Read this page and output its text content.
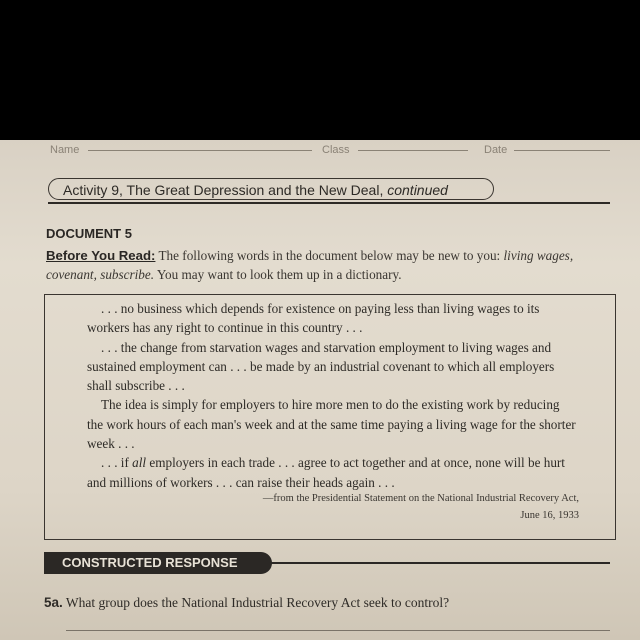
Name	Class	Date
Activity 9, The Great Depression and the New Deal, continued
DOCUMENT 5
Before You Read: The following words in the document below may be new to you: living wages, covenant, subscribe. You may want to look them up in a dictionary.

. . . no business which depends for existence on paying less than living wages to its workers has any right to continue in this country . . .

. . . the change from starvation wages and starvation employment to living wages and sustained employment can . . . be made by an industrial covenant to which all employers shall subscribe . . .

The idea is simply for employers to hire more men to do the existing work by reducing the work hours of each man's week and at the same time paying a living wage for the shorter week . . .

. . . if all employers in each trade . . . agree to act together and at once, none will be hurt and millions of workers . . . can raise their heads again . . .

—from the Presidential Statement on the National Industrial Recovery Act,
June 16, 1933
CONSTRUCTED RESPONSE
5a. What group does the National Industrial Recovery Act seek to control?
